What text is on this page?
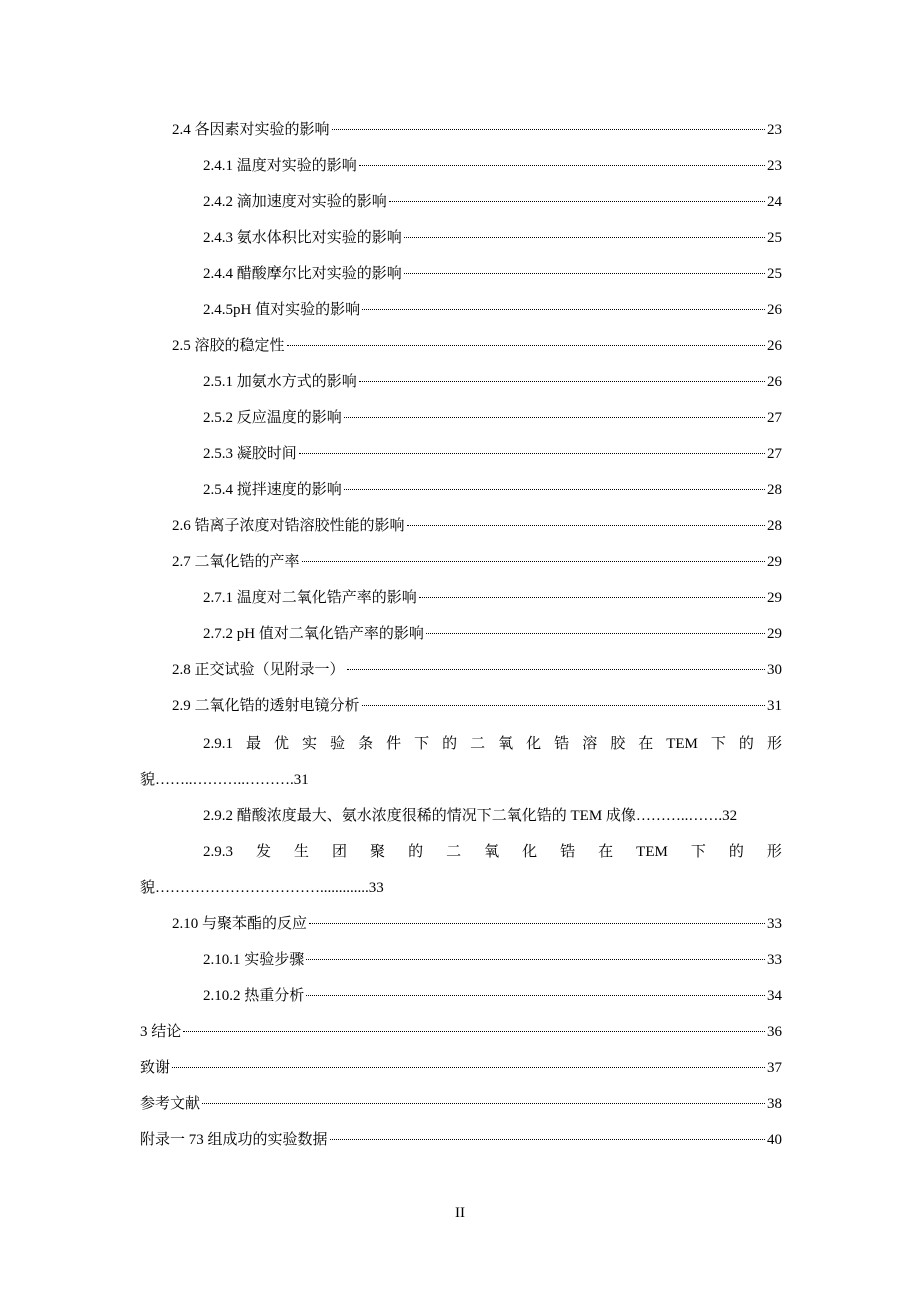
2.4 各因素对实验的影响	23
2.4.1 温度对实验的影响	23
2.4.2 滴加速度对实验的影响	24
2.4.3 氨水体积比对实验的影响	25
2.4.4 醋酸摩尔比对实验的影响	25
2.4.5pH 值对实验的影响	26
2.5 溶胶的稳定性	26
2.5.1 加氨水方式的影响	26
2.5.2 反应温度的影响	27
2.5.3 凝胶时间	27
2.5.4 搅拌速度的影响	28
2.6 锆离子浓度对锆溶胶性能的影响	28
2.7 二氧化锆的产率	29
2.7.1 温度对二氧化锆产率的影响	29
2.7.2 pH 值对二氧化锆产率的影响	29
2.8 正交试验（见附录一）	30
2.9 二氧化锆的透射电镜分析	31
2.9.1 最 优 实 验 条 件 下 的 二 氧 化 锆 溶 胶 在 TEM 下 的 形
貌……..………..……….31
2.9.2 醋酸浓度最大、氨水浓度很稀的情况下二氧化锆的 TEM 成像………..…….32
2.9.3 发 生 团 聚 的 二 氧 化 锆 在 TEM 下 的 形
貌…………………………….............33
2.10 与聚苯酯的反应	33
2.10.1 实验步骤	33
2.10.2 热重分析	34
3 结论	36
致谢	37
参考文献	38
附录一 73 组成功的实验数据	40
II
